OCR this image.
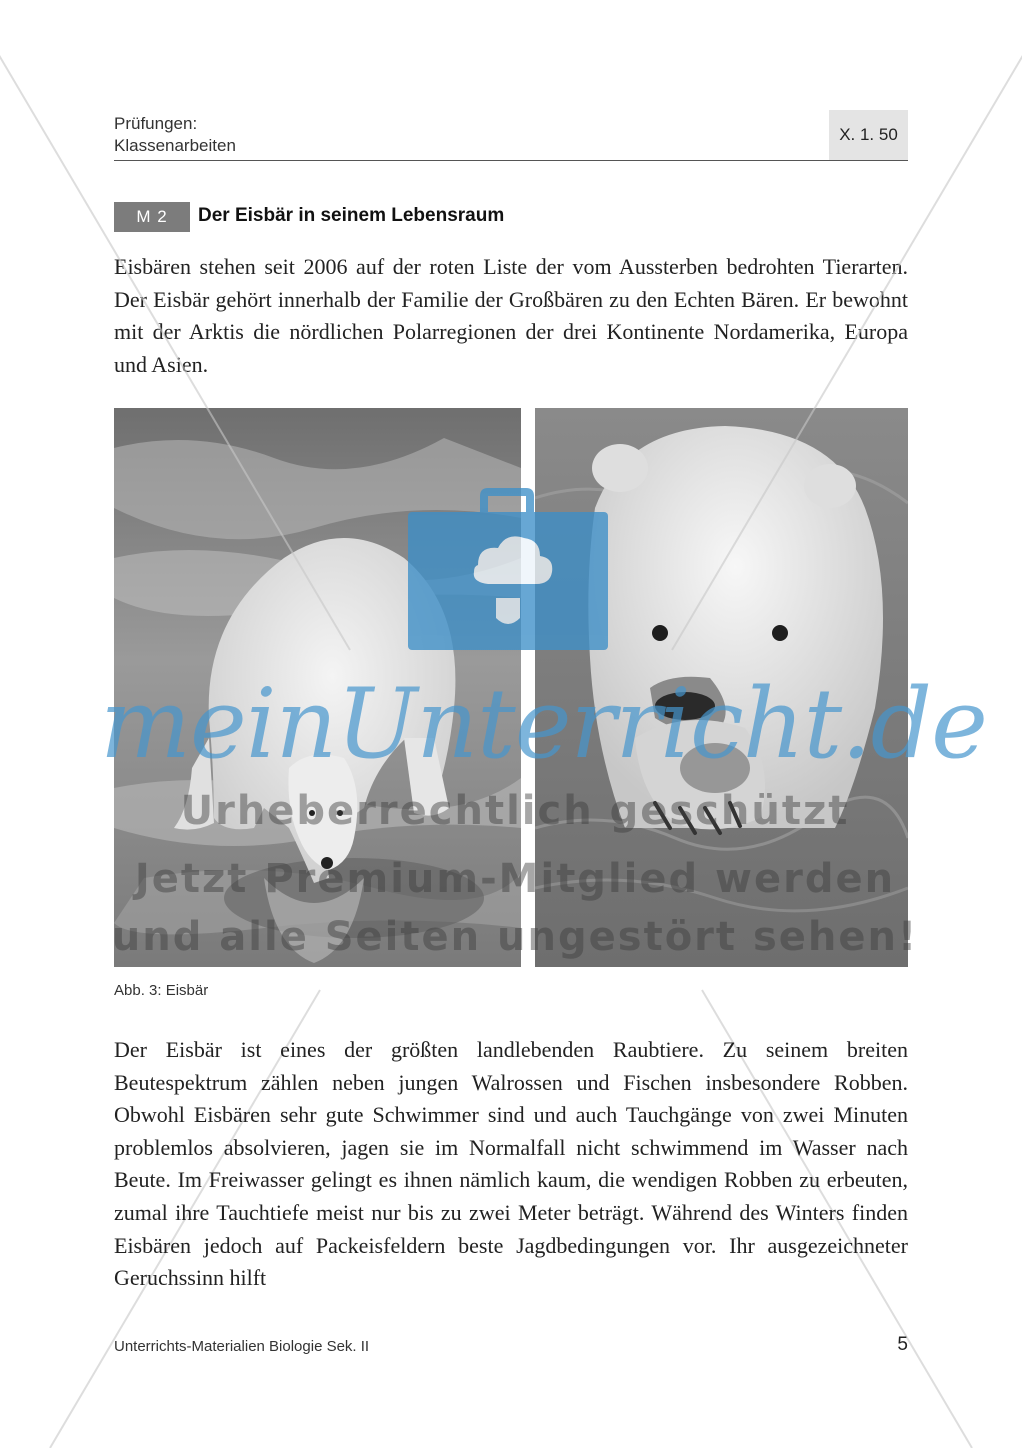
Prüfungen:
Klassenarbeiten
X. 1. 50
M 2	Der Eisbär in seinem Lebensraum

Eisbären stehen seit 2006 auf der roten Liste der vom Aussterben bedrohten Tierarten. Der Eisbär gehört innerhalb der Familie der Großbären zu den Echten Bären. Er bewohnt mit der Arktis die nördlichen Polarregionen der drei Kontinente Nordamerika, Europa und Asien.

meinUnterricht.de
Urheberrechtlich geschützt
Jetzt Premium-Mitglied werden
und alle Seiten ungestört sehen!
Abb. 3: Eisbär

Der Eisbär ist eines der größten landlebenden Raubtiere. Zu seinem breiten Beutespektrum zählen neben jungen Walrossen und Fischen insbesondere Robben. Obwohl Eisbären sehr gute Schwimmer sind und auch Tauchgänge von zwei Minuten problemlos absolvieren, jagen sie im Normalfall nicht schwimmend im Wasser nach Beute. Im Freiwasser gelingt es ihnen nämlich kaum, die wendigen Robben zu erbeuten, zumal ihre Tauchtiefe meist nur bis zu zwei Meter beträgt. Während des Winters finden Eisbären jedoch auf Packeisfeldern beste Jagdbedingungen vor. Ihr ausgezeichneter Geruchssinn hilft

Unterrichts-Materialien Biologie Sek. II	5
